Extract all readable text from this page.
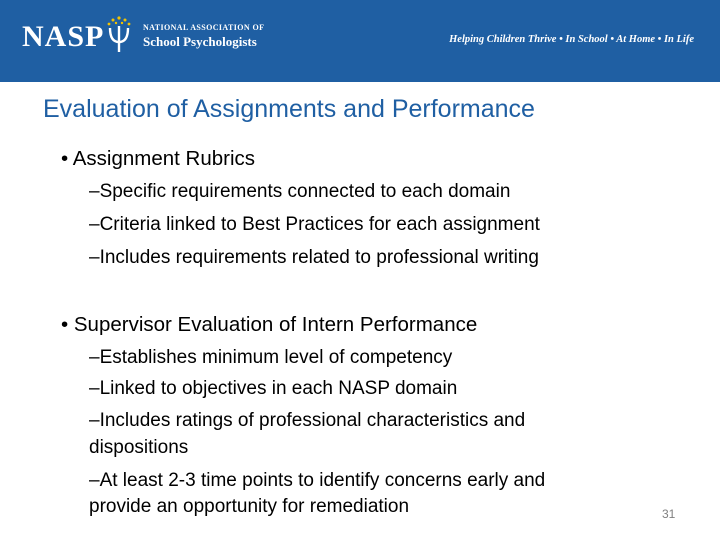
NASP	NATIONAL ASSOCIATION OF
School Psychologists	Helping Children Thrive • In School • At Home • In Life
Evaluation of Assignments and Performance
• Assignment Rubrics
–Specific requirements connected to each domain
–Criteria linked to Best Practices for each assignment
–Includes requirements related to professional writing
• Supervisor Evaluation of Intern Performance
–Establishes minimum level of competency
–Linked to objectives in each NASP domain
–Includes ratings of professional characteristics and
dispositions
–At least 2-3 time points to identify concerns early and
provide an opportunity for remediation	31
